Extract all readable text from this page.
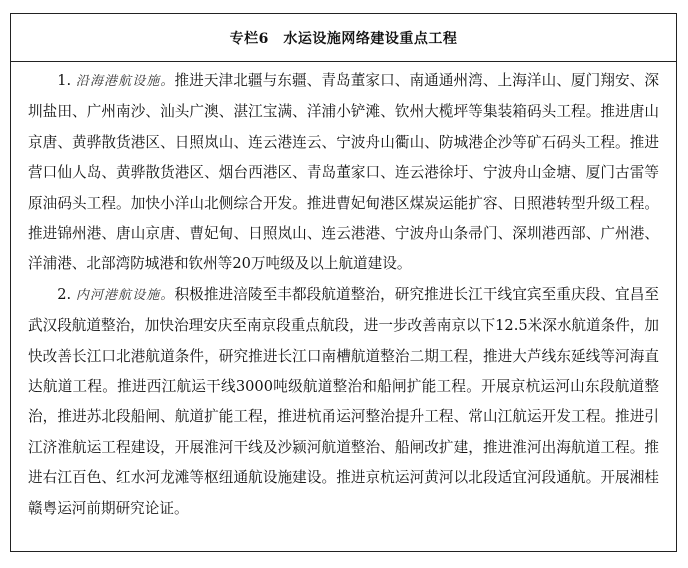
专栏6　水运设施网络建设重点工程

1. 沿海港航设施。推进天津北疆与东疆、青岛董家口、南通通州湾、上海洋山、厦门翔安、深圳盐田、广州南沙、汕头广澳、湛江宝满、洋浦小铲滩、钦州大榄坪等集装箱码头工程。推进唐山京唐、黄骅散货港区、日照岚山、连云港连云、宁波舟山衢山、防城港企沙等矿石码头工程。推进营口仙人岛、黄骅散货港区、烟台西港区、青岛董家口、连云港徐圩、宁波舟山金塘、厦门古雷等原油码头工程。加快小洋山北侧综合开发。推进曹妃甸港区煤炭运能扩容、日照港转型升级工程。推进锦州港、唐山京唐、曹妃甸、日照岚山、连云港港、宁波舟山条帚门、深圳港西部、广州港、洋浦港、北部湾防城港和钦州等20万吨级及以上航道建设。

2. 内河港航设施。积极推进涪陵至丰都段航道整治，研究推进长江干线宜宾至重庆段、宜昌至武汉段航道整治，加快治理安庆至南京段重点航段，进一步改善南京以下12.5米深水航道条件，加快改善长江口北港航道条件，研究推进长江口南槽航道整治二期工程，推进大芦线东延线等河海直达航道工程。推进西江航运干线3000吨级航道整治和船闸扩能工程。开展京杭运河山东段航道整治，推进苏北段船闸、航道扩能工程，推进杭甬运河整治提升工程、常山江航运开发工程。推进引江济淮航运工程建设，开展淮河干线及沙颍河航道整治、船闸改扩建，推进淮河出海航道工程。推进右江百色、红水河龙滩等枢纽通航设施建设。推进京杭运河黄河以北段适宜河段通航。开展湘桂赣粤运河前期研究论证。
